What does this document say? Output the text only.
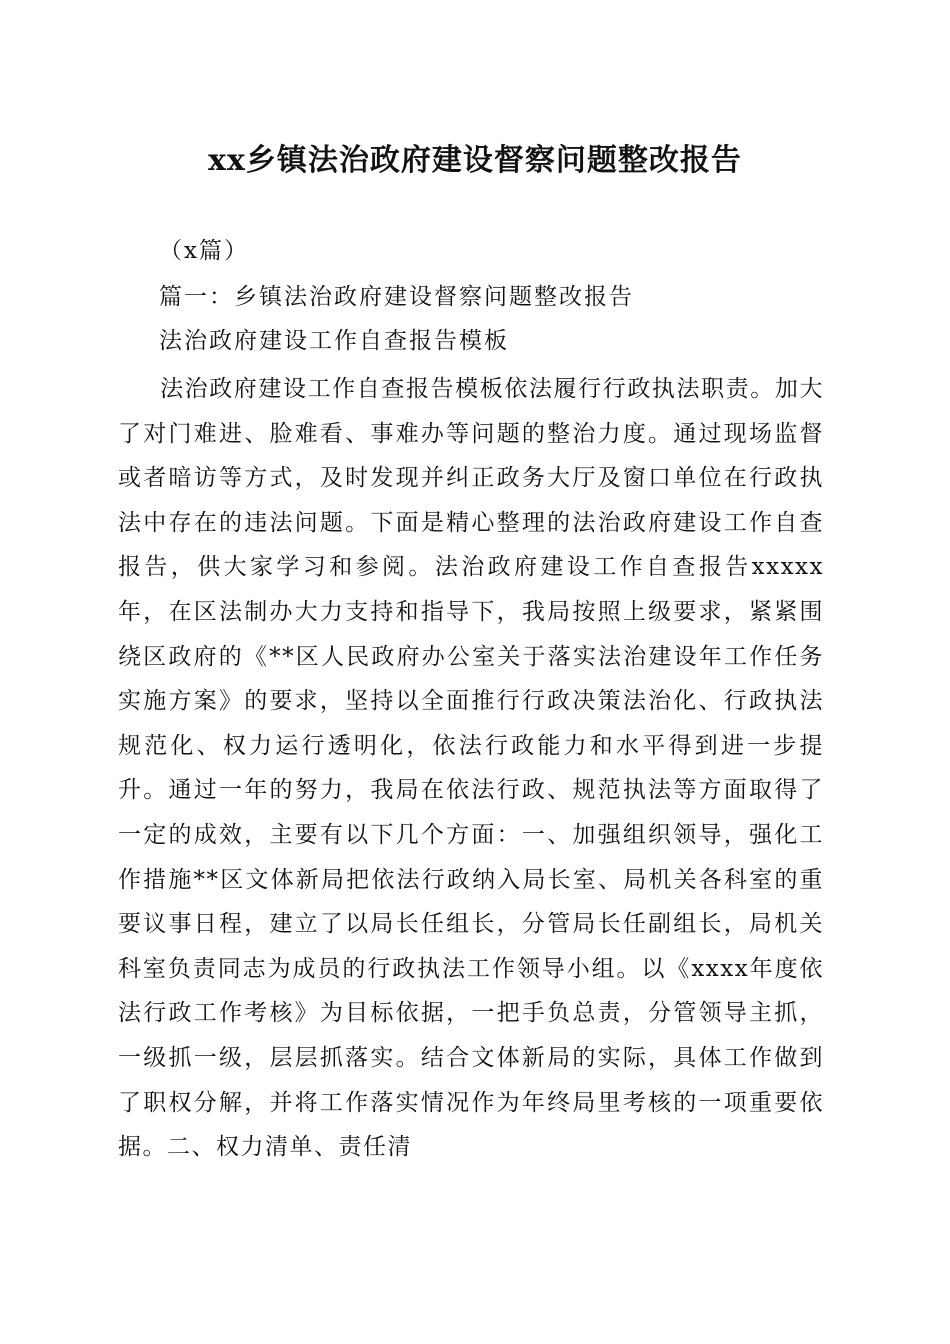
xx乡镇法治政府建设督察问题整改报告

（x篇）

篇一：乡镇法治政府建设督察问题整改报告

法治政府建设工作自查报告模板

法治政府建设工作自查报告模板依法履行行政执法职责。加大了对门难进、脸难看、事难办等问题的整治力度。通过现场监督或者暗访等方式，及时发现并纠正政务大厅及窗口单位在行政执法中存在的违法问题。下面是精心整理的法治政府建设工作自查报告，供大家学习和参阅。法治政府建设工作自查报告xxxxx年，在区法制办大力支持和指导下，我局按照上级要求，紧紧围绕区政府的《**区人民政府办公室关于落实法治建设年工作任务实施方案》的要求，坚持以全面推行行政决策法治化、行政执法规范化、权力运行透明化，依法行政能力和水平得到进一步提升。通过一年的努力，我局在依法行政、规范执法等方面取得了一定的成效，主要有以下几个方面：一、加强组织领导，强化工作措施**区文体新局把依法行政纳入局长室、局机关各科室的重要议事日程，建立了以局长任组长，分管局长任副组长，局机关科室负责同志为成员的行政执法工作领导小组。以《xxxx年度依法行政工作考核》为目标依据，一把手负总责，分管领导主抓，一级抓一级，层层抓落实。结合文体新局的实际，具体工作做到了职权分解，并将工作落实情况作为年终局里考核的一项重要依据。二、权力清单、责任清
